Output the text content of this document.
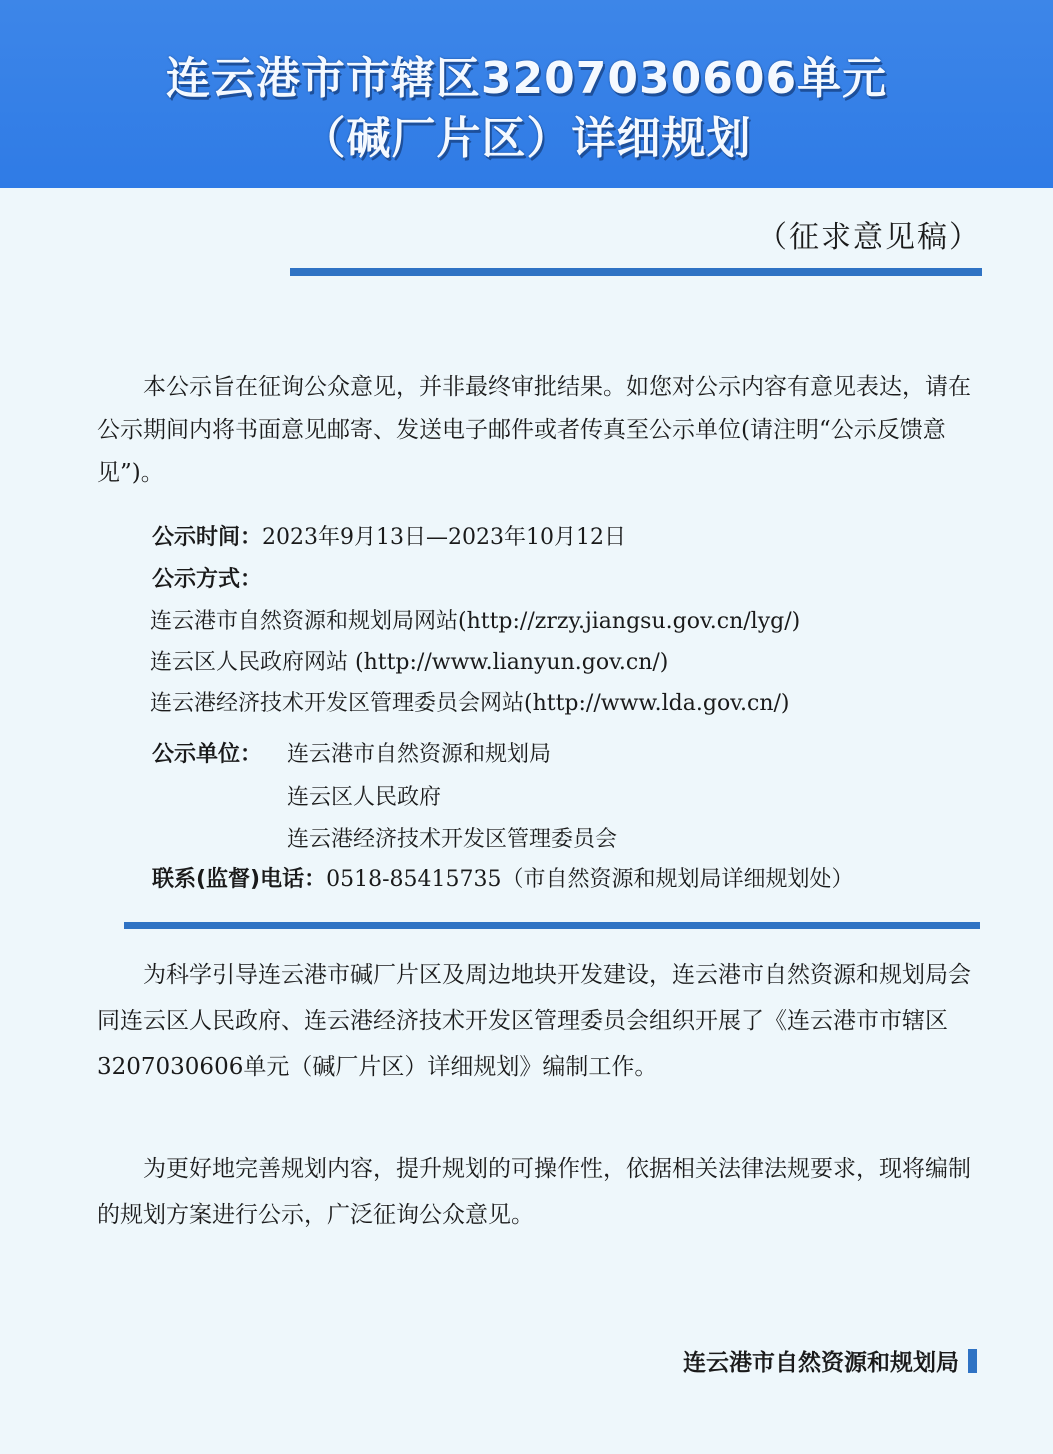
连云港市市辖区3207030606单元
（碱厂片区）详细规划
（征求意见稿）
本公示旨在征询公众意见，并非最终审批结果。如您对公示内容有意见表达，请在公示期间内将书面意见邮寄、发送电子邮件或者传真至公示单位(请注明“公示反馈意见”)。
公示时间：2023年9月13日—2023年10月12日
公示方式：
连云港市自然资源和规划局网站(http://zrzy.jiangsu.gov.cn/lyg/)
连云区人民政府网站 (http://www.lianyun.gov.cn/)
连云港经济技术开发区管理委员会网站(http://www.lda.gov.cn/)
公示单位： 连云港市自然资源和规划局
连云区人民政府
连云港经济技术开发区管理委员会
联系(监督)电话：0518-85415735（市自然资源和规划局详细规划处）
为科学引导连云港市碱厂片区及周边地块开发建设，连云港市自然资源和规划局会同连云区人民政府、连云港经济技术开发区管理委员会组织开展了《连云港市市辖区3207030606单元（碱厂片区）详细规划》编制工作。
为更好地完善规划内容，提升规划的可操作性，依据相关法律法规要求，现将编制的规划方案进行公示，广泛征询公众意见。
连云港市自然资源和规划局
